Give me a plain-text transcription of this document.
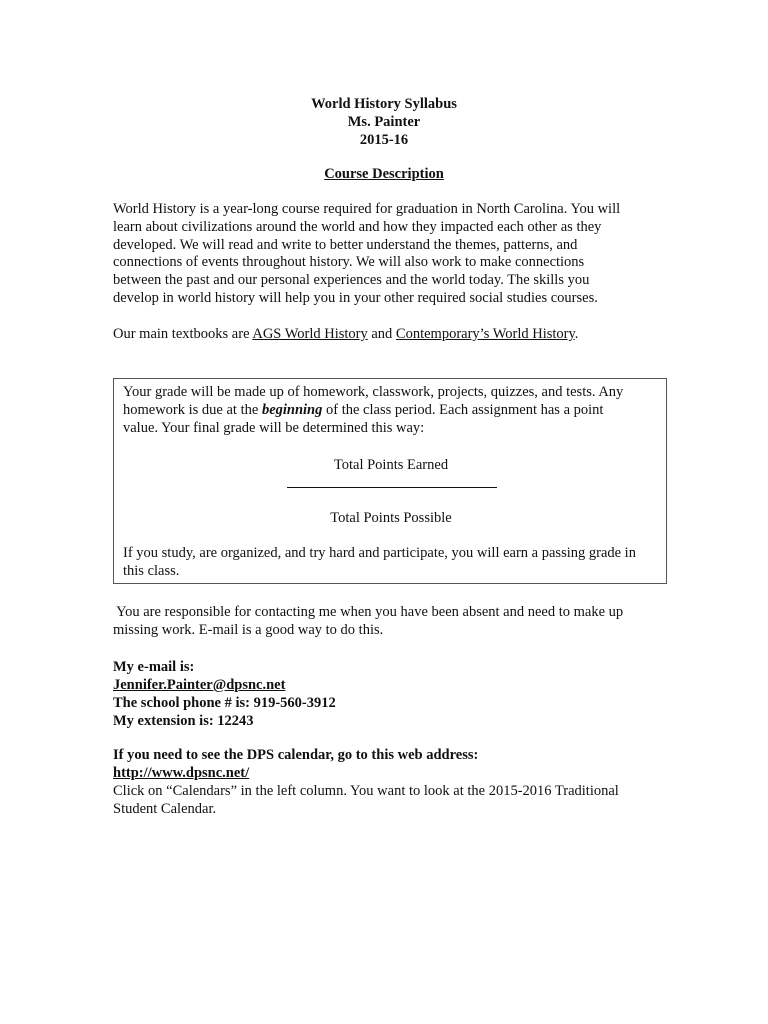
World History Syllabus
Ms. Painter
2015-16
Course Description
World History is a year-long course required for graduation in North Carolina. You will
learn about civilizations around the world and how they impacted each other as they
developed. We will read and write to better understand the themes, patterns, and
connections of events throughout history. We will also work to make connections
between the past and our personal experiences and the world today. The skills you
develop in world history will help you in your other required social studies courses.
Our main textbooks are AGS World History and Contemporary’s World History.
Your grade will be made up of homework, classwork, projects, quizzes, and tests. Any
homework is due at the beginning of the class period. Each assignment has a point
value. Your final grade will be determined this way:
Total Points Earned
Total Points Possible
If you study, are organized, and try hard and participate, you will earn a passing grade in
this class.
You are responsible for contacting me when you have been absent and need to make up
missing work. E-mail is a good way to do this.
My e-mail is:
Jennifer.Painter@dpsnc.net
The school phone # is: 919-560-3912
My extension is: 12243
If you need to see the DPS calendar, go to this web address:
http://www.dpsnc.net/
Click on “Calendars” in the left column. You want to look at the 2015-2016 Traditional
Student Calendar.
